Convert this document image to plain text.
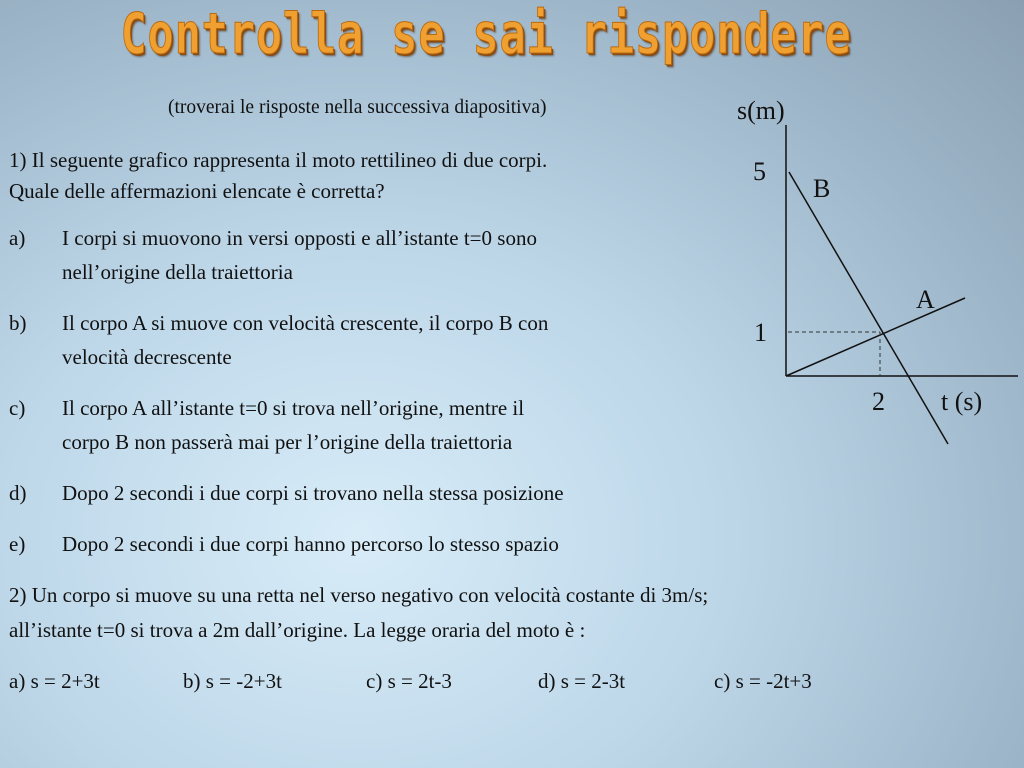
Controlla se sai rispondere
(troverai le risposte nella successiva diapositiva)
1) Il seguente grafico rappresenta il moto rettilineo di due corpi.
Quale delle affermazioni elencate è corretta?
a) I corpi si muovono in versi opposti e all’istante t=0 sono
nell’origine della traiettoria
b) Il corpo A si muove con velocità crescente, il corpo B con
velocità decrescente
c) Il corpo A all’istante t=0 si trova nell’origine, mentre il
corpo B non passerà mai per l’origine della traiettoria
d) Dopo 2 secondi i due corpi si trovano nella stessa posizione
e) Dopo 2 secondi i due corpi hanno percorso lo stesso spazio
2) Un corpo si muove su una retta nel verso negativo con velocità costante di 3m/s;
all’istante t=0 si trova a 2m dall’origine. La legge oraria del moto è :
a) s = 2+3t	b) s = -2+3t	c) s = 2t-3	d) s = 2-3t	c) s = -2t+3
s(m)
5
B
A
1
2 t (s)
